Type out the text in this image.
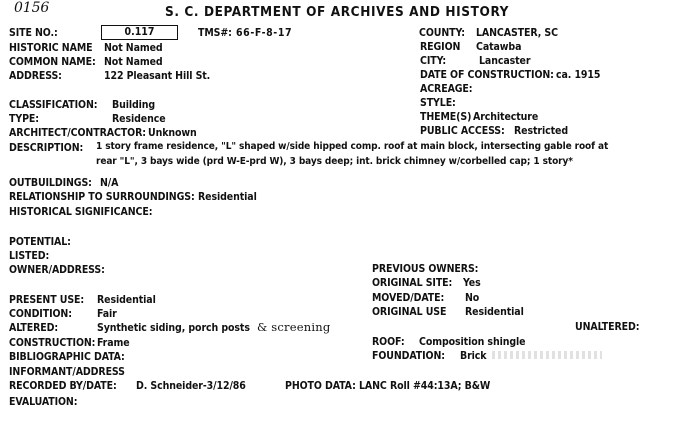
0156	S. C. DEPARTMENT OF ARCHIVES AND HISTORY
SITE NO.:	0.117	TMS#: 66-F-8-17	COUNTY: LANCASTER, SC
HISTORIC NAME Not Named	REGION Catawba
COMMON NAME: Not Named	CITY:	Lancaster
ADDRESS:	122 Pleasant Hill St.	DATE OF CONSTRUCTION: ca. 1915
ACREAGE:
CLASSIFICATION: Building	STYLE:
TYPE:	Residence	THEME(S) Architecture
ARCHITECT/CONTRACTOR: Unknown	PUBLIC ACCESS: Restricted
DESCRIPTION: 1 story frame residence, "L" shaped w/side hipped comp. roof at main block, intersecting gable roof at
rear "L", 3 bays wide (prd W-E-prd W), 3 bays deep; int. brick chimney w/corbelled cap; 1 story*
OUTBUILDINGS: N/A
RELATIONSHIP TO SURROUNDINGS: Residential
HISTORICAL SIGNIFICANCE:
POTENTIAL:
LISTED:
OWNER/ADDRESS:	PREVIOUS OWNERS:
ORIGINAL SITE: Yes
PRESENT USE: Residential	MOVED/DATE: No
CONDITION: Fair	ORIGINAL USE Residential
ALTERED:	Synthetic siding, porch posts & screening	UNALTERED:
CONSTRUCTION: Frame	ROOF: Composition shingle
BIBLIOGRAPHIC DATA:	FOUNDATION: Brick
INFORMANT/ADDRESS
RECORDED BY/DATE: D. Schneider-3/12/86	PHOTO DATA: LANC Roll #44:13A; B&W
EVALUATION:
